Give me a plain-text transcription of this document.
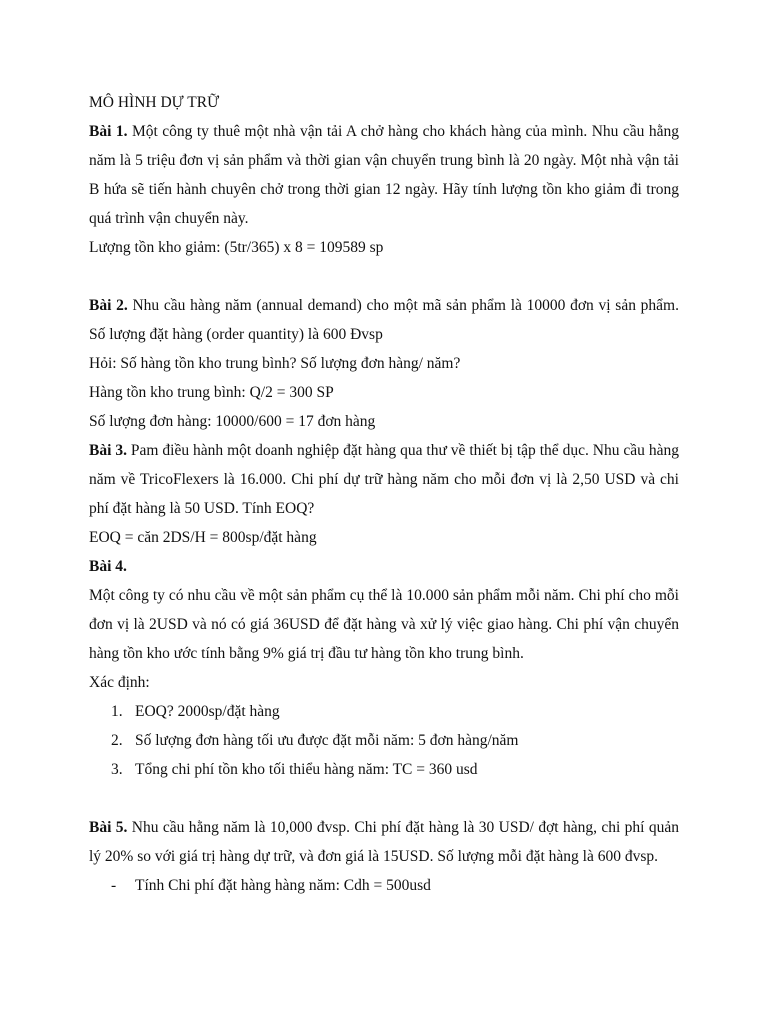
MÔ HÌNH DỰ TRỮ
Bài 1. Một công ty thuê một nhà vận tải A chở hàng cho khách hàng của mình. Nhu cầu hằng năm là 5 triệu đơn vị sản phẩm và thời gian vận chuyển trung bình là 20 ngày. Một nhà vận tải B hứa sẽ tiến hành chuyên chở trong thời gian 12 ngày. Hãy tính lượng tồn kho giảm đi trong quá trình vận chuyển này.
Lượng tồn kho giảm: (5tr/365) x 8 = 109589 sp
Bài 2. Nhu cầu hàng năm (annual demand) cho một mã sản phẩm là 10000 đơn vị sản phẩm. Số lượng đặt hàng (order quantity) là 600 Đvsp
Hỏi: Số hàng tồn kho trung bình? Số lượng đơn hàng/ năm?
Hàng tồn kho trung bình: Q/2 = 300 SP
Số lượng đơn hàng: 10000/600 = 17 đơn hàng
Bài 3. Pam điều hành một doanh nghiệp đặt hàng qua thư về thiết bị tập thể dục. Nhu cầu hàng năm về TricoFlexers là 16.000. Chi phí dự trữ hàng năm cho mỗi đơn vị là 2,50 USD và chi phí đặt hàng là 50 USD. Tính EOQ?
EOQ = căn 2DS/H = 800sp/đặt hàng
Bài 4.
Một công ty có nhu cầu về một sản phẩm cụ thể là 10.000 sản phẩm mỗi năm. Chi phí cho mỗi đơn vị là 2USD và nó có giá 36USD để đặt hàng và xử lý việc giao hàng. Chi phí vận chuyển hàng tồn kho ước tính bằng 9% giá trị đầu tư hàng tồn kho trung bình.
Xác định:
1. EOQ? 2000sp/đặt hàng
2. Số lượng đơn hàng tối ưu được đặt mỗi năm: 5 đơn hàng/năm
3. Tổng chi phí tồn kho tối thiểu hàng năm: TC = 360 usd
Bài 5. Nhu cầu hằng năm là 10,000 đvsp. Chi phí đặt hàng là 30 USD/ đợt hàng, chi phí quản lý 20% so với giá trị hàng dự trữ, và đơn giá là 15USD. Số lượng mỗi đặt hàng là 600 đvsp.
- Tính Chi phí đặt hàng hàng năm: Cdh = 500usd
